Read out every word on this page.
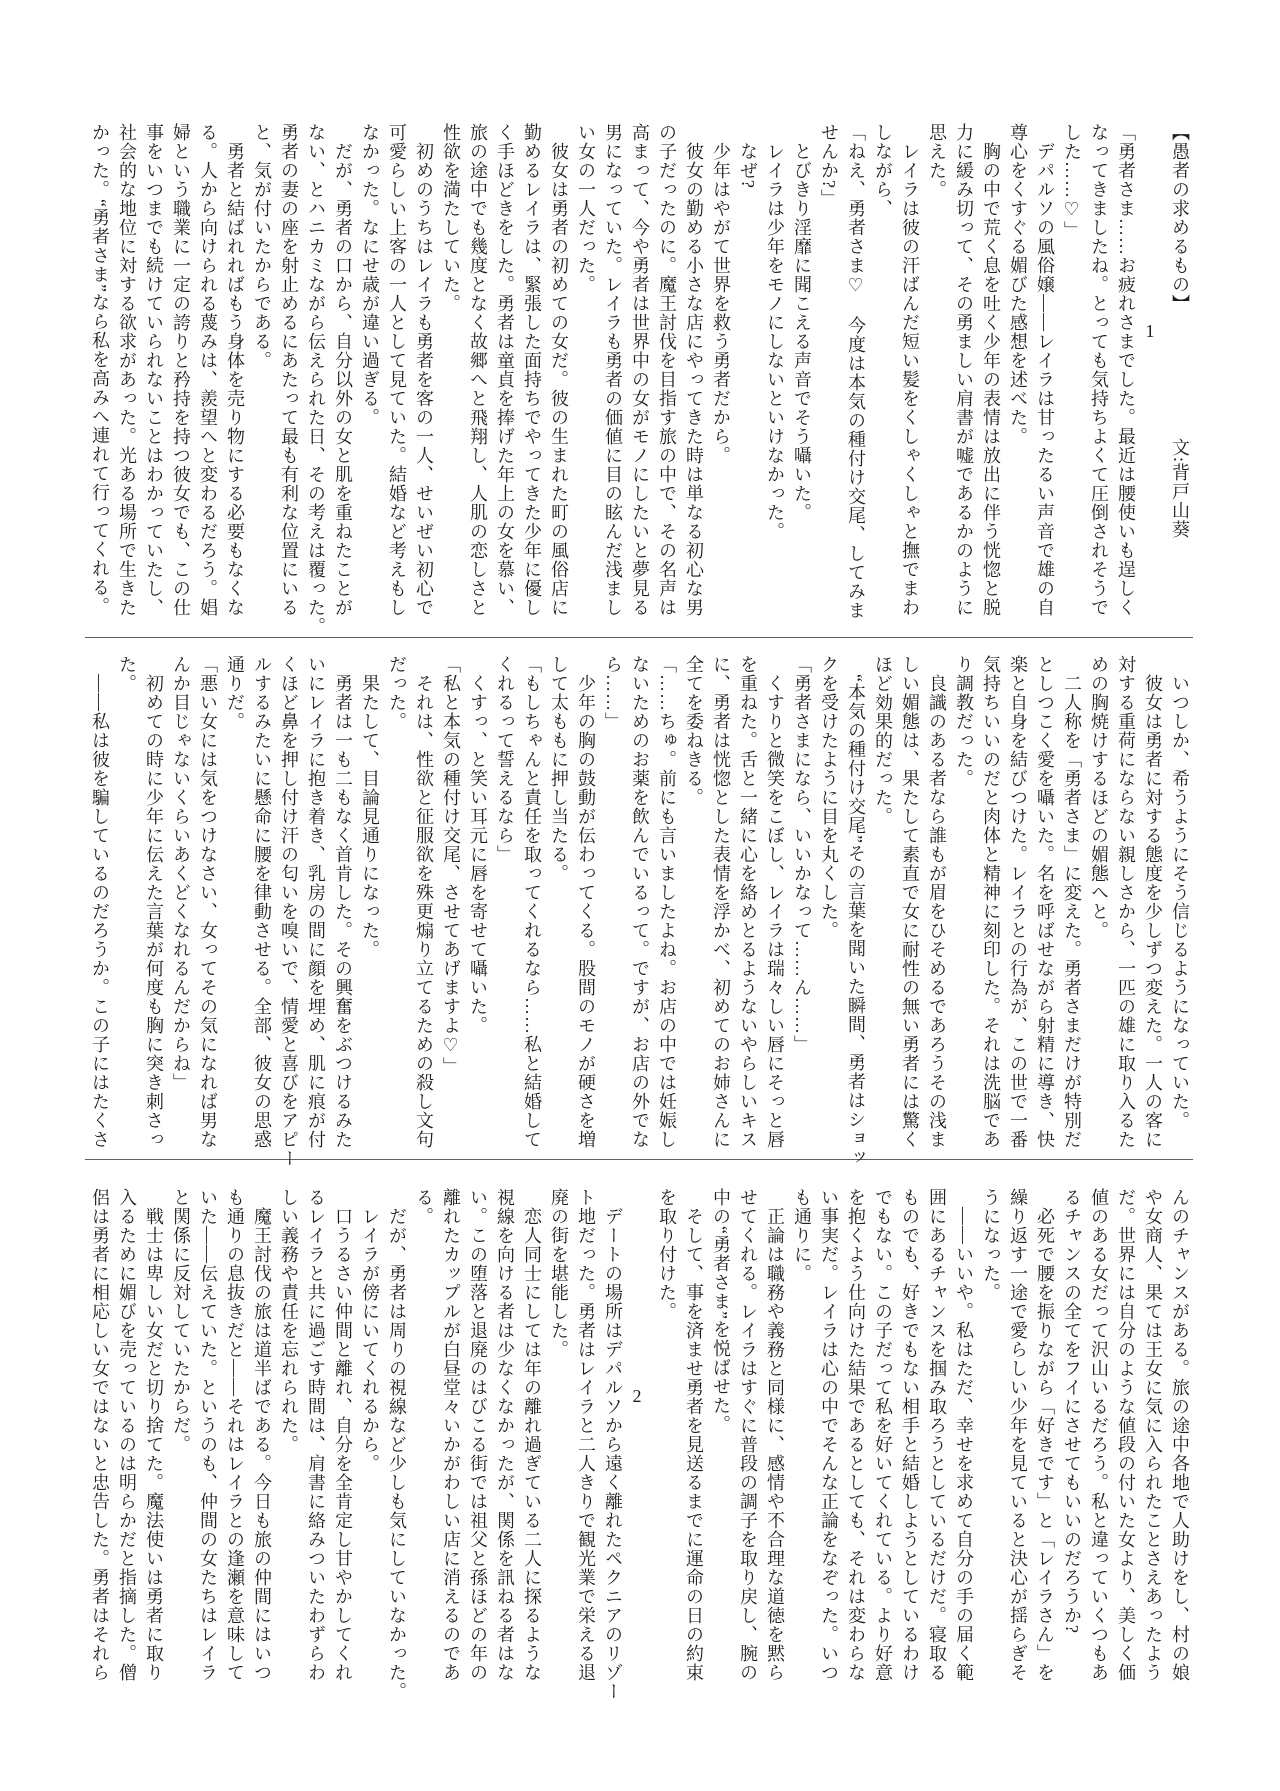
【愚者の求めるもの】
文:背戸山葵
1

「勇者さま……お疲れさまでした。最近は腰使いも逞しく

なってきましたね。とっても気持ちよくて圧倒されそうで

した……♡」

　デパルソの風俗嬢――レイラは甘ったるい声音で雄の自

尊心をくすぐる媚びた感想を述べた。

　胸の中で荒く息を吐く少年の表情は放出に伴う恍惚と脱

力に緩み切って、その勇ましい肩書が嘘であるかのように

思えた。

　レイラは彼の汗ばんだ短い髪をくしゃくしゃと撫でまわ

しながら、

「ねえ、勇者さま♡　今度は本気の種付け交尾、してみま

せんか?」

　とびきり淫靡に聞こえる声音でそう囁いた。

　レイラは少年をモノにしないといけなかった。

　なぜ?

　少年はやがて世界を救う勇者だから。

　彼女の勤める小さな店にやってきた時は単なる初心な男

の子だったのに。魔王討伐を目指す旅の中で、その名声は

高まって、今や勇者は世界中の女がモノにしたいと夢見る

男になっていた。レイラも勇者の価値に目の眩んだ浅まし

い女の一人だった。

　彼女は勇者の初めての女だ。彼の生まれた町の風俗店に

勤めるレイラは、緊張した面持ちでやってきた少年に優し

く手ほどきをした。勇者は童貞を捧げた年上の女を慕い、

旅の途中でも幾度となく故郷へと飛翔し、人肌の恋しさと

性欲を満たしていた。

　初めのうちはレイラも勇者を客の一人、せいぜい初心で

可愛らしい上客の一人として見ていた。結婚など考えもし

なかった。なにせ歳が違い過ぎる。

　だが、勇者の口から、自分以外の女と肌を重ねたことが

ない、とハニカミながら伝えられた日、その考えは覆った。

勇者の妻の座を射止めるにあたって最も有利な位置にいる

と、気が付いたからである。

　勇者と結ばれればもう身体を売り物にする必要もなくな

る。人から向けられる蔑みは、羨望へと変わるだろう。娼

婦という職業に一定の誇りと矜持を持つ彼女でも、この仕

事をいつまでも続けていられないことはわかっていたし、

社会的な地位に対する欲求があった。光ある場所で生きた

かった。“勇者さま”なら私を高みへ連れて行ってくれる。

　いつしか、希うようにそう信じるようになっていた。

　彼女は勇者に対する態度を少しずつ変えた。一人の客に

対する重荷にならない親しさから、一匹の雄に取り入るた

めの胸焼けするほどの媚態へと。

　二人称を「勇者さま」に変えた。勇者さまだけが特別だ

としつこく愛を囁いた。名を呼ばせながら射精に導き、快

楽と自身を結びつけた。レイラとの行為が、この世で一番

気持ちいいのだと肉体と精神に刻印した。それは洗脳であ

り調教だった。

　良識のある者なら誰もが眉をひそめるであろうその浅ま

しい媚態は、果たして素直で女に耐性の無い勇者には驚く

ほど効果的だった。

　“本気の種付け交尾”その言葉を聞いた瞬間、勇者はショッ

クを受けたように目を丸くした。

「勇者さまになら、いいかなって……ん……」

　くすりと微笑をこぼし、レイラは瑞々しい唇にそっと唇

を重ねた。舌と一緒に心を絡めとるようないやらしいキス

に、勇者は恍惚とした表情を浮かべ、初めてのお姉さんに

全てを委ねきる。

「……ちゅ。前にも言いましたよね。お店の中では妊娠し

ないためのお薬を飲んでいるって。ですが、お店の外でな

ら……」

　少年の胸の鼓動が伝わってくる。股間のモノが硬さを増

して太ももに押し当たる。

「もしちゃんと責任を取ってくれるなら……私と結婚して

くれるって誓えるなら」

　くすっ、と笑い耳元に唇を寄せて囁いた。

「私と本気の種付け交尾、させてあげますよ♡」

　それは、性欲と征服欲を殊更煽り立てるための殺し文句

だった。

　果たして、目論見通りになった。

　勇者は一も二もなく首肯した。その興奮をぶつけるみた

いにレイラに抱き着き、乳房の間に顔を埋め、肌に痕が付

くほど鼻を押し付け汗の匂いを嗅いで、情愛と喜びをアピー

ルするみたいに懸命に腰を律動させる。全部、彼女の思惑

通りだ。

「悪い女には気をつけなさい、女ってその気になれば男な

んか目じゃないくらいあくどくなれるんだからね」

　初めての時に少年に伝えた言葉が何度も胸に突き刺さっ

た。

　――私は彼を騙しているのだろうか。この子にはたくさ

んのチャンスがある。旅の途中各地で人助けをし、村の娘

や女商人、果ては王女に気に入られたことさえあったよう

だ。世界には自分のような値段の付いた女より、美しく価

値のある女だって沢山いるだろう。私と違っていくつもあ

るチャンスの全てをフイにさせてもいいのだろうか?

　必死で腰を振りながら「好きです」と「レイラさん」を

繰り返す一途で愛らしい少年を見ていると決心が揺らぎそ

うになった。

　――いいや。私はただ、幸せを求めて自分の手の届く範

囲にあるチャンスを掴み取ろうとしているだけだ。寝取る

ものでも、好きでもない相手と結婚しようとしているわけ

でもない。この子だって私を好いてくれている。より好意

を抱くよう仕向けた結果であるとしても、それは変わらな

い事実だ。レイラは心の中でそんな正論をなぞった。いつ

も通りに。

　正論は職務や義務と同様に、感情や不合理な道徳を黙ら

せてくれる。レイラはすぐに普段の調子を取り戻し、腕の

中の“勇者さま”を悦ばせた。

　そして、事を済ませ勇者を見送るまでに運命の日の約束

を取り付けた。

2

　デートの場所はデパルソから遠く離れたペクニアのリゾー

ト地だった。勇者はレイラと二人きりで観光業で栄える退

廃の街を堪能した。

　恋人同士にしては年の離れ過ぎている二人に探るような

視線を向ける者は少なくなかったが、関係を訊ねる者はな

い。この堕落と退廃のはびこる街では祖父と孫ほどの年の

離れたカップルが白昼堂々いかがわしい店に消えるのであ

る。

　だが、勇者は周りの視線など少しも気にしていなかった。

　レイラが傍にいてくれるから。

　口うるさい仲間と離れ、自分を全肯定し甘やかしてくれ

るレイラと共に過ごす時間は、肩書に絡みついたわずらわ

しい義務や責任を忘れられた。

　魔王討伐の旅は道半ばである。今日も旅の仲間にはいつ

も通りの息抜きだと――それはレイラとの逢瀬を意味して

いた――伝えていた。というのも、仲間の女たちはレイラ

と関係に反対していたからだ。

　戦士は卑しい女だと切り捨てた。魔法使いは勇者に取り

入るために媚びを売っているのは明らかだと指摘した。僧

侶は勇者に相応しい女ではないと忠告した。勇者はそれら
